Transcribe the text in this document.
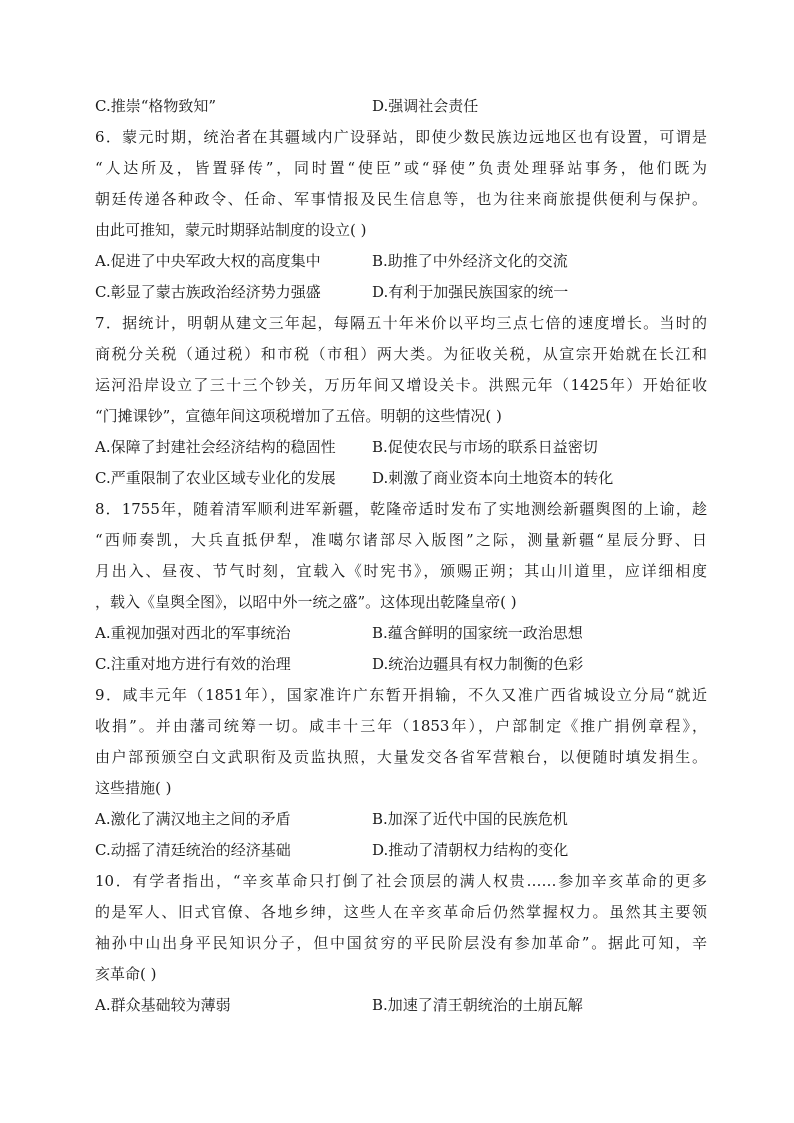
C.推崇“格物致知”	D.强调社会责任
6．蒙元时期，统治者在其疆域内广设驿站，即使少数民族边远地区也有设置，可谓是
“人达所及，皆置驿传”，同时置“使臣”或“驿使”负责处理驿站事务，他们既为
朝廷传递各种政令、任命、军事情报及民生信息等，也为往来商旅提供便利与保护。
由此可推知，蒙元时期驿站制度的设立( )
A.促进了中央军政大权的高度集中	B.助推了中外经济文化的交流
C.彰显了蒙古族政治经济势力强盛	D.有利于加强民族国家的统一
7．据统计，明朝从建文三年起，每隔五十年米价以平均三点七倍的速度增长。当时的
商税分关税（通过税）和市税（市租）两大类。为征收关税，从宣宗开始就在长江和
运河沿岸设立了三十三个钞关，万历年间又增设关卡。洪熙元年（1425年）开始征收
“门摊课钞”，宣德年间这项税增加了五倍。明朝的这些情况( )
A.保障了封建社会经济结构的稳固性 B.促使农民与市场的联系日益密切
C.严重限制了农业区域专业化的发展 D.刺激了商业资本向土地资本的转化
8．1755年，随着清军顺利进军新疆，乾隆帝适时发布了实地测绘新疆舆图的上谕，趁
“西师奏凯，大兵直抵伊犁，准噶尔诸部尽入版图”之际，测量新疆“星辰分野、日
月出入、昼夜、节气时刻，宜载入《时宪书》，颁赐正朔；其山川道里，应详细相度
，载入《皇舆全图》，以昭中外一统之盛”。这体现出乾隆皇帝( )
A.重视加强对西北的军事统治	B.蕴含鲜明的国家统一政治思想
C.注重对地方进行有效的治理	D.统治边疆具有权力制衡的色彩
9．咸丰元年（1851年），国家准许广东暂开捐输，不久又准广西省城设立分局“就近
收捐”。并由藩司统筹一切。咸丰十三年（1853年），户部制定《推广捐例章程》，
由户部预颁空白文武职衔及贡监执照，大量发交各省军营粮台，以便随时填发捐生。
这些措施( )
A.激化了满汉地主之间的矛盾	B.加深了近代中国的民族危机
C.动摇了清廷统治的经济基础	D.推动了清朝权力结构的变化
10．有学者指出，“辛亥革命只打倒了社会顶层的满人权贵……参加辛亥革命的更多
的是军人、旧式官僚、各地乡绅，这些人在辛亥革命后仍然掌握权力。虽然其主要领
袖孙中山出身平民知识分子，但中国贫穷的平民阶层没有参加革命”。据此可知，辛
亥革命( )
A.群众基础较为薄弱	B.加速了清王朝统治的土崩瓦解
